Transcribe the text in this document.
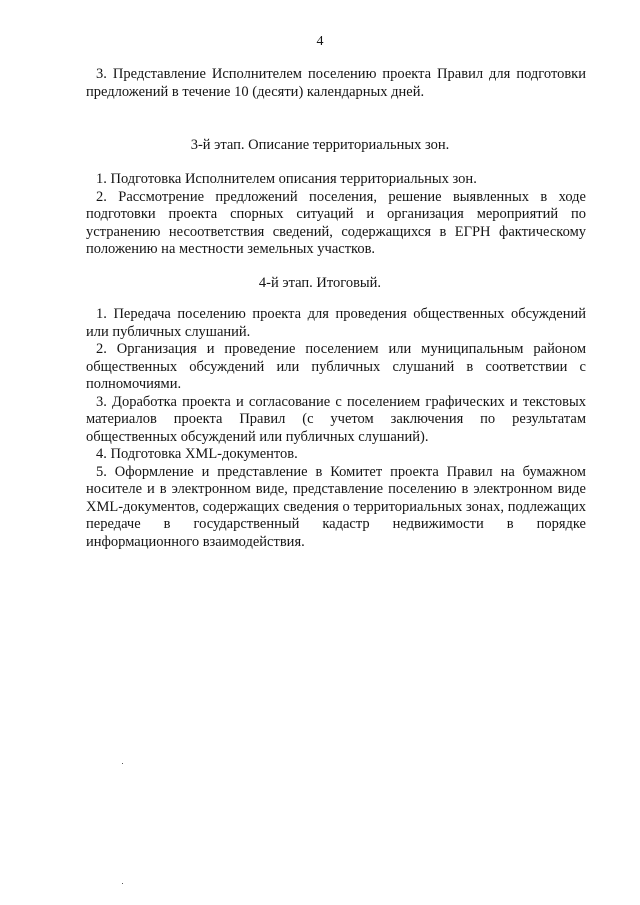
4

3. Представление Исполнителем поселению проекта Правил для подготовки предложений в течение 10 (десяти) календарных дней.

3-й этап. Описание территориальных зон.

1. Подготовка Исполнителем описания территориальных зон.

2. Рассмотрение предложений поселения, решение выявленных в ходе подготовки проекта спорных ситуаций и организация мероприятий по устранению несоответствия сведений, содержащихся в ЕГРН фактическому положению на местности земельных участков.

4-й этап. Итоговый.

1. Передача поселению проекта для проведения общественных обсуждений или публичных слушаний.

2. Организация и проведение поселением или муниципальным районом общественных обсуждений или публичных слушаний в соответствии с полномочиями.

3. Доработка проекта и согласование с поселением графических и текстовых материалов проекта Правил (с учетом заключения по результатам общественных обсуждений или публичных слушаний).

4. Подготовка XML-документов.

5. Оформление и представление в Комитет проекта Правил на бумажном носителе и в электронном виде, представление поселению в электронном виде XML-документов, содержащих сведения о территориальных зонах, подлежащих передаче в государственный кадастр недвижимости в порядке информационного взаимодействия.
